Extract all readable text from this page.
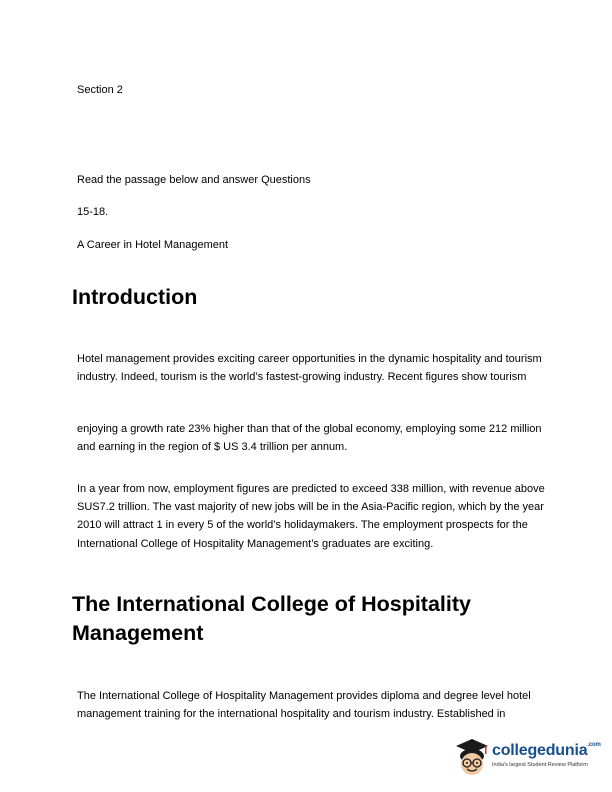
Section 2

Read the passage below and answer Questions

15-18.

A Career in Hotel Management

Introduction

Hotel management provides exciting career opportunities in the dynamic hospitality and tourism industry. Indeed, tourism is the world’s fastest-growing industry. Recent figures show tourism

enjoying a growth rate 23% higher than that of the global economy, employing some 212 million and earning in the region of $ US 3.4 trillion per annum.

In a year from now, employment figures are predicted to exceed 338 million, with revenue above SUS7.2 trillion. The vast majority of new jobs will be in the Asia-Pacific region, which by the year 2010 will attract 1 in every 5 of the world’s holidaymakers. The employment prospects for the International College of Hospitality Management’s graduates are exciting.

The International College of Hospitality
Management

The International College of Hospitality Management provides diploma and degree level hotel management training for the international hospitality and tourism industry. Established in

collegedunia$^{.com}$
India's largest Student Review Platform
